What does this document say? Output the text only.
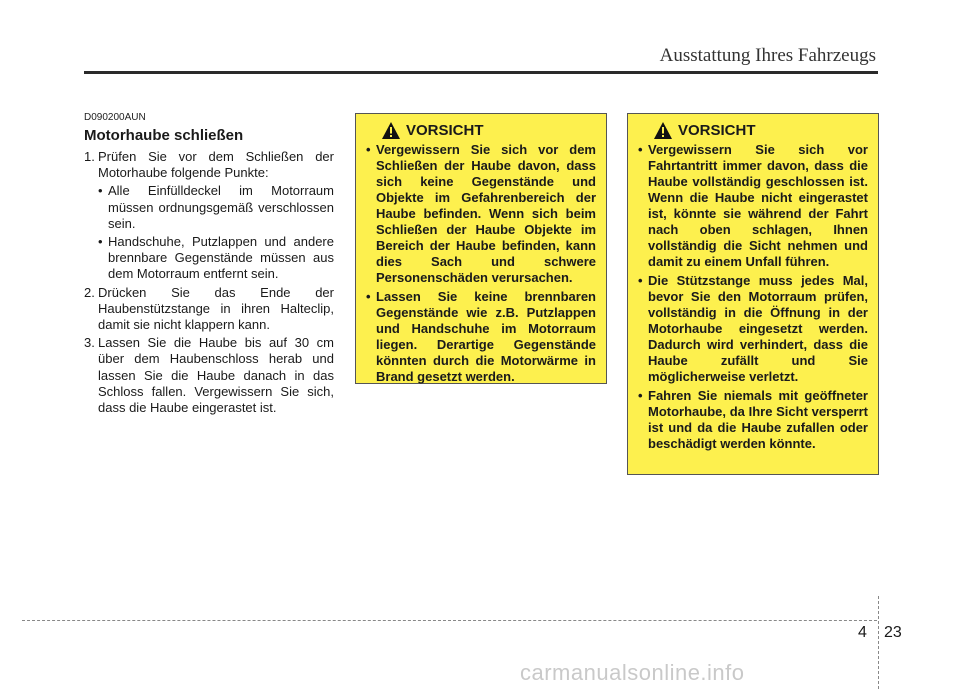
Ausstattung Ihres Fahrzeugs
D090200AUN
Motorhaube schließen
1. Prüfen Sie vor dem Schließen der Motorhaube folgende Punkte:
• Alle Einfülldeckel im Motorraum müssen ordnungsgemäß verschlossen sein.
• Handschuhe, Putzlappen und andere brennbare Gegenstände müssen aus dem Motorraum entfernt sein.
2. Drücken Sie das Ende der Haubenstützstange in ihren Halteclip, damit sie nicht klappern kann.
3. Lassen Sie die Haube bis auf 30 cm über dem Haubenschloss herab und lassen Sie die Haube danach in das Schloss fallen. Vergewissern Sie sich, dass die Haube eingerastet ist.
VORSICHT
• Vergewissern Sie sich vor dem Schließen der Haube davon, dass sich keine Gegenstände und Objekte im Gefahrenbereich der Haube befinden. Wenn sich beim Schließen der Haube Objekte im Bereich der Haube befinden, kann dies Sach und schwere Personenschäden verursachen.
• Lassen Sie keine brennbaren Gegenstände wie z.B. Putzlappen und Handschuhe im Motorraum liegen. Derartige Gegenstände könnten durch die Motorwärme in Brand gesetzt werden.
VORSICHT
• Vergewissern Sie sich vor Fahrtantritt immer davon, dass die Haube vollständig geschlossen ist. Wenn die Haube nicht eingerastet ist, könnte sie während der Fahrt nach oben schlagen, Ihnen vollständig die Sicht nehmen und damit zu einem Unfall führen.
• Die Stützstange muss jedes Mal, bevor Sie den Motorraum prüfen, vollständig in die Öffnung in der Motorhaube eingesetzt werden. Dadurch wird verhindert, dass die Haube zufällt und Sie möglicherweise verletzt.
• Fahren Sie niemals mit geöffneter Motorhaube, da Ihre Sicht versperrt ist und da die Haube zufallen oder beschädigt werden könnte.
4 23
carmanualsonline.info
